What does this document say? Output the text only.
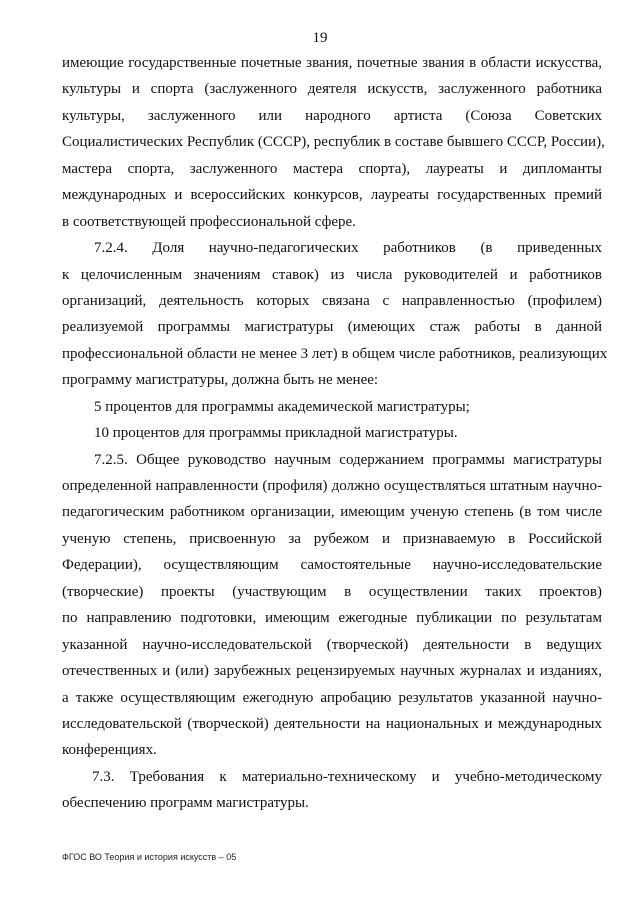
19
имеющие государственные почетные звания, почетные звания в области искусства,
культуры и спорта (заслуженного деятеля искусств, заслуженного работника
культуры, заслуженного или народного артиста (Союза Советских
Социалистических Республик (СССР), республик в составе бывшего СССР, России),
мастера спорта, заслуженного мастера спорта), лауреаты и дипломанты
международных и всероссийских конкурсов, лауреаты государственных премий
в соответствующей профессиональной сфере.
7.2.4. Доля научно-педагогических работников (в приведенных
к целочисленным значениям ставок) из числа руководителей и работников
организаций, деятельность которых связана с направленностью (профилем)
реализуемой программы магистратуры (имеющих стаж работы в данной
профессиональной области не менее 3 лет) в общем числе работников, реализующих
программу магистратуры, должна быть не менее:
5 процентов для программы академической магистратуры;
10 процентов для программы прикладной магистратуры.
7.2.5. Общее руководство научным содержанием программы магистратуры
определенной направленности (профиля) должно осуществляться штатным научно-
педагогическим работником организации, имеющим ученую степень (в том числе
ученую степень, присвоенную за рубежом и признаваемую в Российской
Федерации), осуществляющим самостоятельные научно-исследовательские
(творческие) проекты (участвующим в осуществлении таких проектов)
по направлению подготовки, имеющим ежегодные публикации по результатам
указанной научно-исследовательской (творческой) деятельности в ведущих
отечественных и (или) зарубежных рецензируемых научных журналах и изданиях,
а также осуществляющим ежегодную апробацию результатов указанной научно-
исследовательской (творческой) деятельности на национальных и международных
конференциях.
7.3. Требования к материально-техническому и учебно-методическому
обеспечению программ магистратуры.
ФГОС ВО Теория и история искусств – 05
